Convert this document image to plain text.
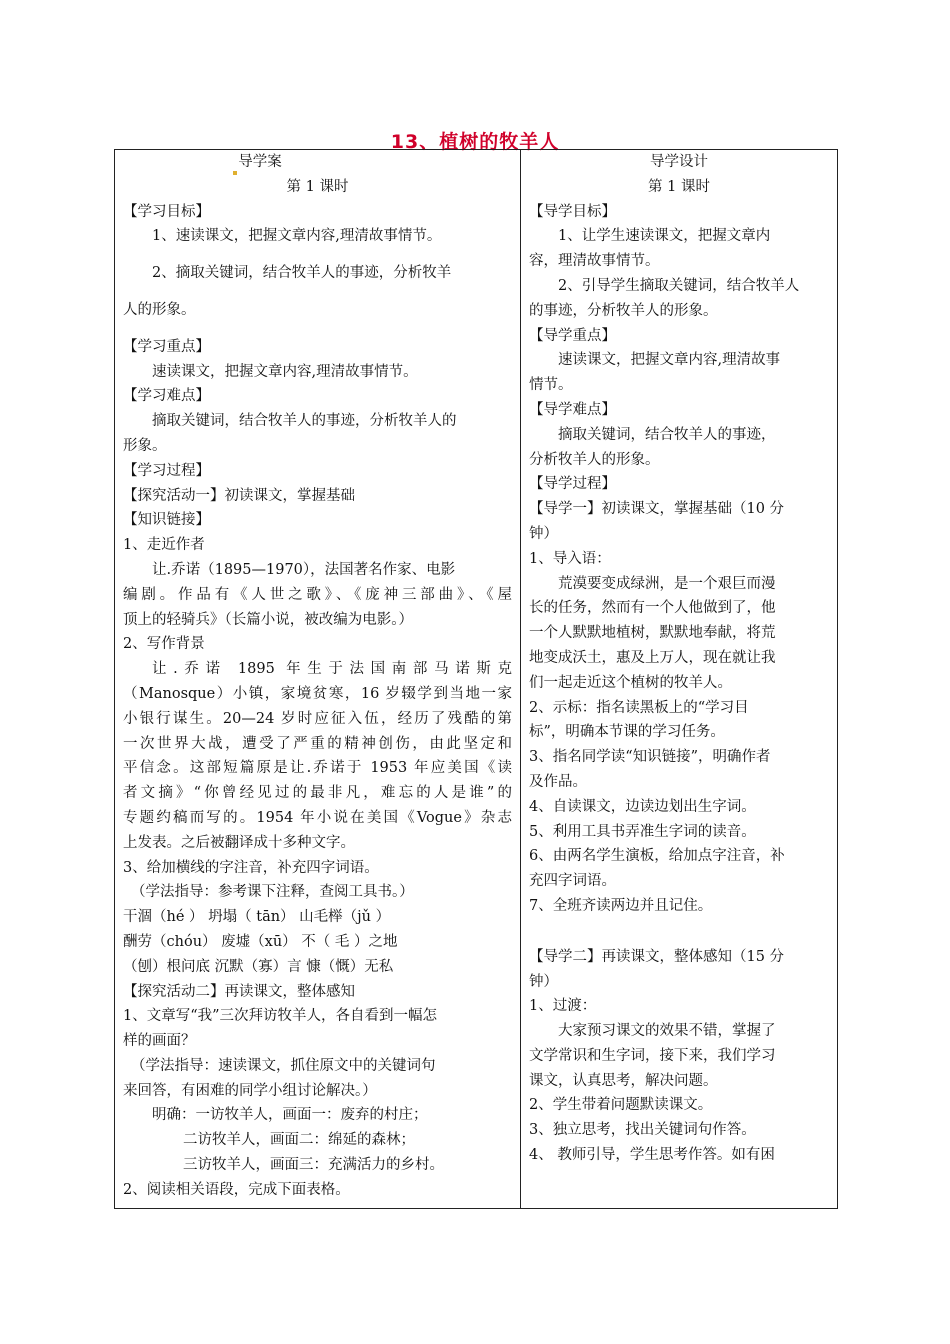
13、植树的牧羊人
导学案
第 1 课时
【学习目标】
1、速读课文，把握文章内容,理清故事情节。
2、摘取关键词，结合牧羊人的事迹，分析牧羊
人的形象。
【学习重点】
速读课文，把握文章内容,理清故事情节。
【学习难点】
摘取关键词，结合牧羊人的事迹，分析牧羊人的
形象。
【学习过程】
【探究活动一】初读课文，掌握基础
【知识链接】
1、走近作者
让.乔诺（1895—1970），法国著名作家、电影
编剧。作品有《人世之歌》、《庞神三部曲》、《屋
顶上的轻骑兵》（长篇小说，被改编为电影。）
2、写作背景
让.乔诺 1895 年生于法国南部马诺斯克
（Manosque）小镇，家境贫寒，16 岁辍学到当地一家
小银行谋生。20—24 岁时应征入伍，经历了残酷的第
一次世界大战，遭受了严重的精神创伤，由此坚定和
平信念。这部短篇原是让.乔诺于 1953 年应美国《读
者文摘》“你曾经见过的最非凡，难忘的人是谁”的
专题约稿而写的。1954 年小说在美国《Vogue》杂志
上发表。之后被翻译成十多种文字。
3、给加横线的字注音，补充四字词语。
（学法指导：参考课下注释，查阅工具书。）
干涸（hé ） 坍塌（ tān） 山毛榉（jǔ ）
酬劳（chóu） 废墟（xū） 不（ 毛 ）之地
（刨）根问底 沉默（寡）言 慷（慨）无私
【探究活动二】再读课文，整体感知
1、文章写“我”三次拜访牧羊人，各自看到一幅怎
样的画面？
（学法指导：速读课文，抓住原文中的关键词句
来回答，有困难的同学小组讨论解决。）
明确：一访牧羊人，画面一：废弃的村庄；
二访牧羊人，画面二：绵延的森林；
三访牧羊人，画面三：充满活力的乡村。
2、阅读相关语段，完成下面表格。

导学设计
第 1 课时
【导学目标】
1、让学生速读课文，把握文章内
容，理清故事情节。
2、引导学生摘取关键词，结合牧羊人
的事迹，分析牧羊人的形象。
【导学重点】
速读课文，把握文章内容,理清故事
情节。
【导学难点】
摘取关键词，结合牧羊人的事迹，
分析牧羊人的形象。
【导学过程】
【导学一】初读课文，掌握基础（10 分
钟）
1、导入语：
荒漠要变成绿洲，是一个艰巨而漫
长的任务，然而有一个人他做到了，他
一个人默默地植树，默默地奉献，将荒
地变成沃土，惠及上万人，现在就让我
们一起走近这个植树的牧羊人。
2、示标：指名读黑板上的“学习目
标”，明确本节课的学习任务。
3、指名同学读“知识链接”，明确作者
及作品。
4、自读课文，边读边划出生字词。
5、利用工具书弄准生字词的读音。
6、由两名学生演板，给加点字注音，补
充四字词语。
7、全班齐读两边并且记住。
【导学二】再读课文，整体感知（15 分
钟）
1、过渡：
大家预习课文的效果不错，掌握了
文学常识和生字词，接下来，我们学习
课文，认真思考，解决问题。
2、学生带着问题默读课文。
3、独立思考，找出关键词句作答。
4、 教师引导，学生思考作答。如有困
